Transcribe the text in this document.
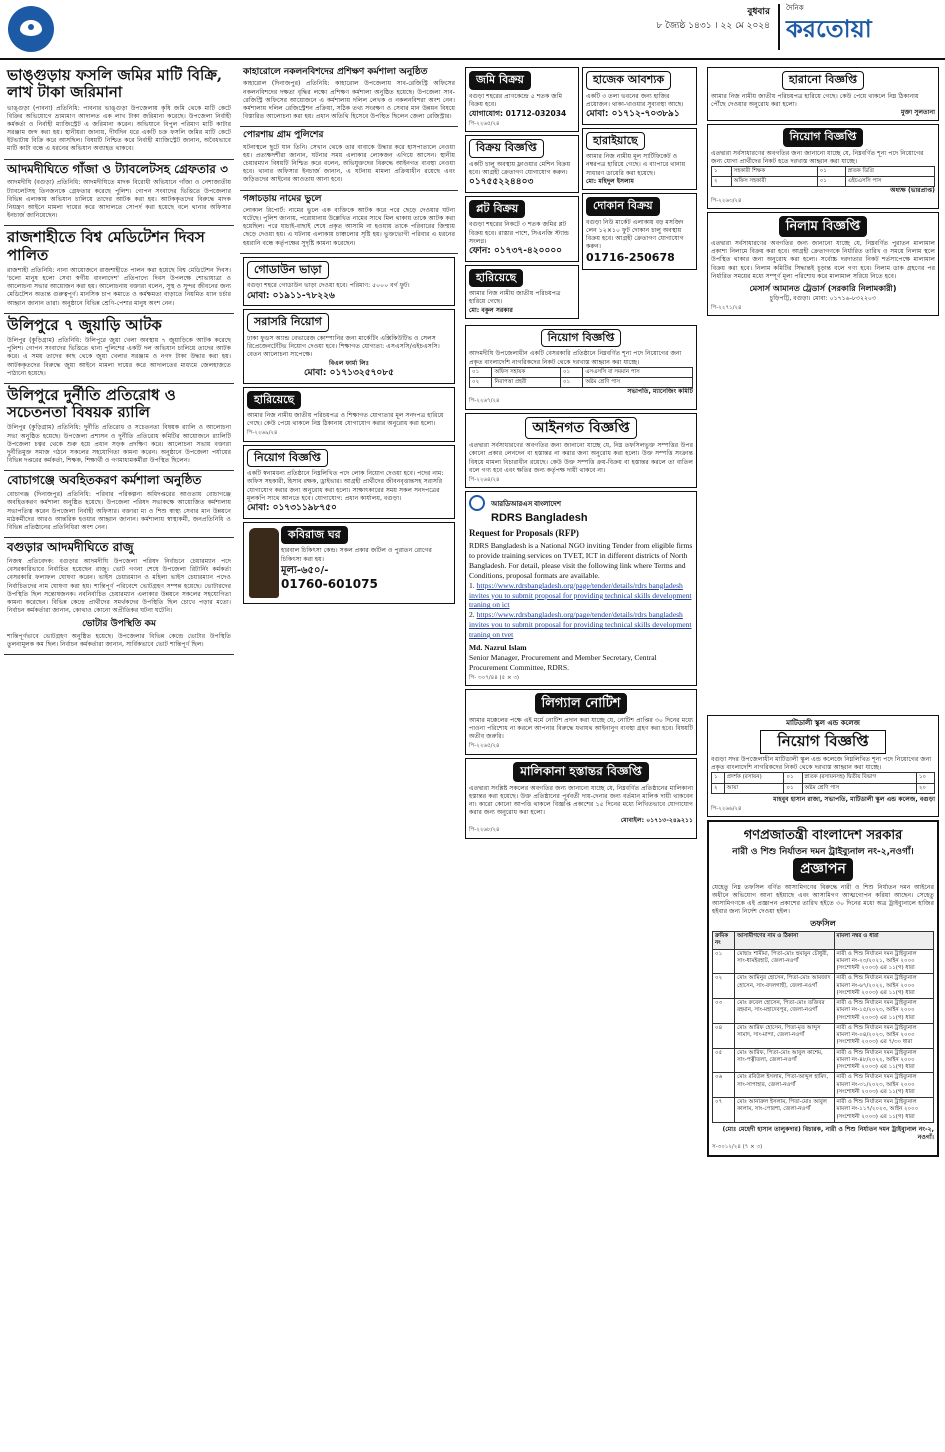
বুধবার
৮ জ্যৈষ্ঠ ১৪৩১ । ২২ মে ২০২৪
দৈনিক
করতোয়া
ভাঙ্গুড়ায় ফসলি জমির মাটি বিক্রি, লাখ টাকা জরিমানা
ভাঙ্গুড়া (পাবনা) প্রতিনিধি: পাবনার ভাঙ্গুড়া উপজেলায় কৃষি জমি থেকে মাটি কেটে বিক্রির অভিযোগে ভ্রাম্যমাণ আদালত এক লাখ টাকা জরিমানা করেছে। উপজেলা নির্বাহী কর্মকর্তা ও নির্বাহী ম্যাজিস্ট্রেট এ জরিমানা করেন। অভিযানে বিপুল পরিমাণ মাটি কাটার সরঞ্জাম জব্দ করা হয়। স্থানীয়রা জানায়, দীর্ঘদিন ধরে একটি চক্র ফসলি জমির মাটি কেটে ইটভাটায় বিক্রি করে আসছিল। বিষয়টি নিশ্চিত করে নির্বাহী ম্যাজিস্ট্রেট জানান, অবৈধভাবে মাটি কাটা বন্ধে এ ধরনের অভিযান অব্যাহত থাকবে।
আদমদীঘিতে গাঁজা ও ট্যাবলেটসহ গ্রেফতার ৩
আদমদীঘি (বগুড়া) প্রতিনিধি: আদমদীঘিতে মাদক বিরোধী অভিযানে গাঁজা ও নেশাজাতীয় ট্যাবলেটসহ তিনজনকে গ্রেফতার করেছে পুলিশ। গোপন সংবাদের ভিত্তিতে উপজেলার বিভিন্ন এলাকায় অভিযান চালিয়ে তাদের আটক করা হয়। আটককৃতদের বিরুদ্ধে মাদক নিয়ন্ত্রণ আইনে মামলা দায়ের করে আদালতে সোপর্দ করা হয়েছে বলে থানার অফিসার ইনচার্জ জানিয়েছেন।
রাজশাহীতে বিশ্ব মেডিটেশন দিবস পালিত
রাজশাহী প্রতিনিধি: নানা আয়োজনে রাজশাহীতে পালন করা হয়েছে বিশ্ব মেডিটেশন দিবস। 'চলো মানুষ হলো সেবা স্বর্গীয় বাংলাদেশ' প্রতিপাদ্যে দিবস উপলক্ষে শোভাযাত্রা ও আলোচনা সভার আয়োজন করা হয়। আলোচনায় বক্তারা বলেন, সুস্থ ও সুন্দর জীবনের জন্য মেডিটেশন অত্যন্ত গুরুত্বপূর্ণ। মানসিক চাপ কমাতে ও কর্মক্ষমতা বাড়াতে নিয়মিত ধ্যান চর্চার আহ্বান জানান তারা। অনুষ্ঠানে বিভিন্ন শ্রেণি-পেশার মানুষ অংশ নেন।
উলিপুরে ৭ জুয়াড়ি আটক
উলিপুর (কুড়িগ্রাম) প্রতিনিধি: উলিপুরে জুয়া খেলা অবস্থায় ৭ জুয়াড়িকে আটক করেছে পুলিশ। গোপন সংবাদের ভিত্তিতে থানা পুলিশের একটি দল অভিযান চালিয়ে তাদের আটক করে। এ সময় তাদের কাছ থেকে জুয়া খেলার সরঞ্জাম ও নগদ টাকা উদ্ধার করা হয়। আটককৃতদের বিরুদ্ধে জুয়া আইনে মামলা দায়ের করে আদালতের মাধ্যমে জেলহাজতে পাঠানো হয়েছে।
উলিপুরে দুর্নীতি প্রতিরোধ ও সচেতনতা বিষয়ক র‍্যালি
উলিপুর (কুড়িগ্রাম) প্রতিনিধি: দুর্নীতি প্রতিরোধ ও সচেতনতা বিষয়ক র‍্যালি ও আলোচনা সভা অনুষ্ঠিত হয়েছে। উপজেলা প্রশাসন ও দুর্নীতি প্রতিরোধ কমিটির আয়োজনে র‍্যালিটি উপজেলা চত্বর থেকে শুরু হয়ে প্রধান সড়ক প্রদক্ষিণ করে। আলোচনা সভায় বক্তারা দুর্নীতিমুক্ত সমাজ গঠনে সকলের সহযোগিতা কামনা করেন। অনুষ্ঠানে উপজেলা পর্যায়ের বিভিন্ন দপ্তরের কর্মকর্তা, শিক্ষক, শিক্ষার্থী ও গণমাধ্যমকর্মীরা উপস্থিত ছিলেন।
বোচাগঞ্জে অবহিতকরণ কর্মশালা অনুষ্ঠিত
বোচাগঞ্জ (দিনাজপুর) প্রতিনিধি: পরিবার পরিকল্পনা অধিদপ্তরের আওতায় বোচাগঞ্জে অবহিতকরণ কর্মশালা অনুষ্ঠিত হয়েছে। উপজেলা পরিষদ সভাকক্ষে আয়োজিত কর্মশালায় সভাপতিত্ব করেন উপজেলা নির্বাহী অফিসার। বক্তারা মা ও শিশু স্বাস্থ্য সেবার মান উন্নয়নে মাঠকর্মীদের আরও আন্তরিক হওয়ার আহ্বান জানান। কর্মশালায় স্বাস্থ্যকর্মী, জনপ্রতিনিধি ও বিভিন্ন প্রতিষ্ঠানের প্রতিনিধিরা অংশ নেন।
বগুড়ার আদমদীঘিতে রাজু
নিজস্ব প্রতিবেদক: বগুড়ার আদমদীঘি উপজেলা পরিষদ নির্বাচনে চেয়ারম্যান পদে বেসরকারিভাবে নির্বাচিত হয়েছেন রাজু। ভোট গণনা শেষে উপজেলা রিটার্নিং কর্মকর্তা বেসরকারি ফলাফল ঘোষণা করেন। ভাইস চেয়ারম্যান ও মহিলা ভাইস চেয়ারম্যান পদেও নির্বাচিতদের নাম ঘোষণা করা হয়। শান্তিপূর্ণ পরিবেশে ভোটগ্রহণ সম্পন্ন হয়েছে। ভোটারদের উপস্থিতি ছিল সন্তোষজনক। নবনির্বাচিত চেয়ারম্যান এলাকার উন্নয়নে সকলের সহযোগিতা কামনা করেছেন। বিভিন্ন কেন্দ্রে প্রার্থীদের সমর্থকদের উপস্থিতি ছিল চোখে পড়ার মতো। নির্বাচন কর্মকর্তারা জানান, কোথাও কোনো অপ্রীতিকর ঘটনা ঘটেনি।
ভোটার উপস্থিতি কম
শান্তিপূর্ণভাবে ভোটগ্রহণ অনুষ্ঠিত হয়েছে। উপজেলার বিভিন্ন কেন্দ্রে ভোটার উপস্থিতি তুলনামূলক কম ছিল। নির্বাচন কর্মকর্তারা জানান, সার্বিকভাবে ভোট শান্তিপূর্ণ ছিল।
কাহারোলে নকলনবিশদের প্রশিক্ষণ কর্মশালা অনুষ্ঠিত
কাহারোল (দিনাজপুর) প্রতিনিধি: কাহারোল উপজেলায় সাব-রেজিস্ট্রি অফিসের নকলনবিশদের দক্ষতা বৃদ্ধির লক্ষ্যে প্রশিক্ষণ কর্মশালা অনুষ্ঠিত হয়েছে। উপজেলা সাব-রেজিস্ট্রি অফিসের আয়োজনে এ কর্মশালায় দলিল লেখক ও নকলনবিশরা অংশ নেন। কর্মশালায় দলিল রেজিস্ট্রেশন প্রক্রিয়া, সঠিক তথ্য সংরক্ষণ ও সেবার মান উন্নয়ন বিষয়ে বিস্তারিত আলোচনা করা হয়। প্রধান অতিথি হিসেবে উপস্থিত ছিলেন জেলা রেজিস্ট্রার।
পোরশায় গ্রাম পুলিশের
ঘটনাস্থলে ছুটে যান তিনি। সেখান থেকে তার বাবাকে উদ্ধার করে হাসপাতালে নেওয়া হয়। প্রত্যক্ষদর্শীরা জানান, ঘটনার সময় এলাকার লোকজন এগিয়ে আসেন। স্থানীয় চেয়ারম্যান বিষয়টি নিশ্চিত করে বলেন, অভিযুক্তদের বিরুদ্ধে আইনগত ব্যবস্থা নেওয়া হবে। থানার অফিসার ইনচার্জ জানান, এ ঘটনায় মামলা প্রক্রিয়াধীন রয়েছে এবং জড়িতদের আইনের আওতায় আনা হবে।
গঙ্গাচড়ায় নামের ভুলে
লোকাল রিপোর্ট: নামের ভুলে এক ব্যক্তিকে আটক করে পরে ছেড়ে দেওয়ার ঘটনা ঘটেছে। পুলিশ জানায়, পরোয়ানায় উল্লেখিত নামের সাথে মিল থাকায় তাকে আটক করা হয়েছিল। পরে যাচাই-বাছাই শেষে প্রকৃত আসামি না হওয়ায় তাকে পরিবারের জিম্মায় ছেড়ে দেওয়া হয়। এ ঘটনায় এলাকায় চাঞ্চল্যের সৃষ্টি হয়। ভুক্তভোগী পরিবার এ ধরনের হয়রানি বন্ধে কর্তৃপক্ষের সুদৃষ্টি কামনা করেছেন।
গোডাউন ভাড়া
বগুড়া শহরে গোডাউন ভাড়া দেওয়া হবে। পরিমাণ: ৫০০০ বর্গ ফুট।
মোবা: ০১৯১১-৭৮২২৬
সরাসরি নিয়োগ
ঢাকা ফুডস অ্যান্ড বেভারেজ কোম্পানির জন্য মার্কেটিং এক্সিকিউটিভ ও সেলস রিপ্রেজেনটেটিভ নিয়োগ দেওয়া হবে। শিক্ষাগত যোগ্যতা: এসএসসি/এইচএসসি। বেতন আলোচনা সাপেক্ষে।
বিএল ফার্মা লিঃ
মোবা: ০১৭১৩২৫৭০৮৫
হারিয়েছে
আমার নিজ নামীয় জাতীয় পরিচয়পত্র ও শিক্ষাগত যোগ্যতার মূল সনদপত্র হারিয়ে গেছে। কেউ পেয়ে থাকলে নিম্ন ঠিকানায় যোগাযোগ করার অনুরোধ করা হলো।
পি-২২৬৯/২৪
নিয়োগ বিজ্ঞপ্তি
একটি স্বনামধন্য প্রতিষ্ঠানে নিম্নলিখিত পদে লোক নিয়োগ দেওয়া হবে। পদের নাম: অফিস সহকারী, হিসাব রক্ষক, ড্রাইভার। আগ্রহী প্রার্থীদের জীবনবৃত্তান্তসহ সরাসরি যোগাযোগ করার জন্য অনুরোধ করা হলো। সাক্ষাৎকারের সময় সকল সনদপত্রের মূলকপি সাথে আনতে হবে। যোগাযোগ: প্রধান কার্যালয়, বগুড়া।
মোবা: ০১৭৩১১৯৮৭৫০
কবিরাজ ঘর
হারবাল চিকিৎসা কেন্দ্র। সকল প্রকার জটিল ও পুরাতন রোগের চিকিৎসা করা হয়।
মূল্য-৬৫০/-
01760-601075
জমি বিক্রয়
বগুড়া শহরের প্রাণকেন্দ্রে ৫ শতক জমি বিক্রয় হবে।
যোগাযোগ: 01712-032034
পি-২২৬৫/২৪
বিক্রয় বিজ্ঞপ্তি
একটি চালু অবস্থায় ফ্লাওয়ার মেশিন বিক্রয় হবে। আগ্রহী ক্রেতাগণ যোগাযোগ করুন।
০১৭৫৫২২৪৪০৩
প্লট বিক্রয়
বগুড়া শহরের নিকটে ৩ শতক জমির প্লট বিক্রয় হবে। রাস্তার পাশে, সিএনজি স্ট্যান্ড সংলগ্ন।
ফোন: ০১৭৩৭-৪২০০০০
হারিয়েছে
আমার নিজ নামীয় জাতীয় পরিচয়পত্র হারিয়ে গেছে।
মো: বকুল সরকার
হাজেক আবশ্যক
একটি ৩ তলা ভবনের জন্য হাজির প্রয়োজন। থাকা-খাওয়ার সুব্যবস্থা আছে।
মোবা: ০১৭১২-৭০৩৮৯১
হারাইয়াছে
আমার নিজ নামীয় মূল সার্টিফিকেট ও নম্বরপত্র হারিয়ে গেছে। এ ব্যাপারে থানায় সাধারণ ডায়েরি করা হয়েছে।
মো: মহিদুল ইসলাম
দোকান বিক্রয়
বগুড়া নিউ মার্কেট এলাকায় বড় মসজিদ লেন ১২×১০ ফুট দোকান চালু অবস্থায় বিক্রয় হবে। আগ্রহী ক্রেতাগণ যোগাযোগ করুন।
01716-250678
নিয়োগ বিজ্ঞপ্তি
আদমদীঘি উপজেলাধীন একটি বেসরকারি প্রতিষ্ঠানে নিম্নবর্ণিত শূন্য পদে নিয়োগের জন্য প্রকৃত বাংলাদেশি নাগরিকদের নিকট থেকে দরখাস্ত আহ্বান করা যাচ্ছে।
০১	অফিস সহায়ক	০১	এসএসসি বা সমমান পাস
০২	নিরাপত্তা প্রহরী	০১	অষ্টম শ্রেণি পাস
সভাপতি, ম্যানেজিং কমিটি
পি-২২৬৭/২৪
আইনগত বিজ্ঞপ্তি
এতদ্বারা সর্বসাধারণের অবগতির জন্য জানানো যাচ্ছে যে, নিম্ন তফসিলভুক্ত সম্পত্তির উপর কোনো প্রকার লেনদেন বা হস্তান্তর না করার জন্য অনুরোধ করা হলো। উক্ত সম্পত্তি সংক্রান্ত বিষয়ে মামলা বিচারাধীন রয়েছে। কেউ উক্ত সম্পত্তি ক্রয়-বিক্রয় বা হস্তান্তর করলে তা বাতিল বলে গণ্য হবে এবং ক্ষতির জন্য কর্তৃপক্ষ দায়ী থাকবে না।
পি-২২৬৪/২৪
আরডিআরএস বাংলাদেশ
RDRS Bangladesh
Request for Proposals (RFP)
RDRS Bangladesh is a National NGO inviting Tender from eligible firms to provide training services on TVET, ICT in different districts of North Bangladesh. For detail, please visit the following link where Terms and Conditions, proposal formats are available.
1. https://www.rdrsbangladesh.org/page/tender/details/rdrs bangladesh invites you to submit proposal for providing technical skills development traning on ict
2. https://www.rdrsbangladesh.org/page/tender/details/rdrs bangladesh invites you to submit proposal for providing technical skills development traning on tvet
Md. Nazrul Islam
Senior Manager, Procurement and Member Secretary, Central Procurement Committee, RDRS.
পি- ৩০৭/৪৪ (৫ × ৩)
লিগ্যাল নোটিশ
আমার মক্কেলের পক্ষে এই মর্মে নোটিশ প্রদান করা যাচ্ছে যে, নোটিশ প্রাপ্তির ৩০ দিনের মধ্যে পাওনা পরিশোধ না করলে আপনার বিরুদ্ধে যথাযথ আইনানুগ ব্যবস্থা গ্রহণ করা হবে। বিষয়টি অতীব জরুরি।
পি-২২৬৫/২৪
মালিকানা হস্তান্তর বিজ্ঞপ্তি
এতদ্বারা সংশ্লিষ্ট সকলের অবগতির জন্য জানানো যাচ্ছে যে, নিম্নবর্ণিত প্রতিষ্ঠানের মালিকানা হস্তান্তর করা হয়েছে। উক্ত প্রতিষ্ঠানের পূর্ববর্তী দায়-দেনার জন্য বর্তমান মালিক দায়ী থাকবেন না। কারো কোনো আপত্তি থাকলে বিজ্ঞপ্তি প্রকাশের ১৫ দিনের মধ্যে লিখিতভাবে যোগাযোগ করার জন্য অনুরোধ করা হলো।
মোবাইল: ০১৭১৩-২৪৯২১১
পি-২২৬৮/২৪
হারানো বিজ্ঞপ্তি
আমার নিজ নামীয় জাতীয় পরিচয়পত্র হারিয়ে গেছে। কেউ পেয়ে থাকলে নিম্ন ঠিকানায় পৌঁছে দেওয়ার অনুরোধ করা হলো।
মুক্তা সুলতানা
নিয়োগ বিজ্ঞপ্তি
এতদ্বারা সর্বসাধারণের অবগতির জন্য জানানো যাচ্ছে যে, নিম্নবর্ণিত শূন্য পদে নিয়োগের জন্য যোগ্য প্রার্থীদের নিকট হতে দরখাস্ত আহ্বান করা যাচ্ছে।
১	সহকারী শিক্ষক	০১	স্নাতক ডিগ্রি
২	অফিস সহকারী	০১	এইচএসসি পাস
অধ্যক্ষ (ভারপ্রাপ্ত)
পি-২২৬৩/২৪
নিলাম বিজ্ঞপ্তি
এতদ্বারা সর্বসাধারণের অবগতির জন্য জানানো যাচ্ছে যে, নিম্নবর্ণিত পুরাতন মালামাল প্রকাশ্য নিলামে বিক্রয় করা হবে। আগ্রহী ক্রেতাগণকে নির্ধারিত তারিখ ও সময়ে নিলাম স্থলে উপস্থিত থাকার জন্য অনুরোধ করা হলো। সর্বোচ্চ দরদাতার নিকট শর্তসাপেক্ষে মালামাল বিক্রয় করা হবে। নিলাম কমিটির সিদ্ধান্তই চূড়ান্ত বলে গণ্য হবে। নিলাম ডাক গ্রহণের পর নির্ধারিত সময়ের মধ্যে সম্পূর্ণ মূল্য পরিশোধ করে মালামাল সরিয়ে নিতে হবে।
মেসার্স আমানত ট্রেডার্স (সরকারি নিলামকারী)
চুড়িপট্টি, বগুড়া। মোবা: ০১৭১৬-৮৩২২০৩
পি-২২৭১/২৪
মাটিডালী স্কুল এন্ড কলেজ
নিয়োগ বিজ্ঞপ্তি
বগুড়া সদর উপজেলাধীন মাটিডালী স্কুল এন্ড কলেজে নিম্নলিখিত শূন্য পদে নিয়োগের জন্য প্রকৃত বাংলাদেশি নাগরিকদের নিকট থেকে দরখাস্ত আহ্বান করা যাচ্ছে।
১	প্রদর্শক (রসায়ন)	০১	স্নাতক (রসায়নসহ) দ্বিতীয় বিভাগ	১০
২	আয়া	০১	অষ্টম শ্রেণি পাস	২০
মাহবুব হাসান রাজা, সভাপতি, মাটিডালী স্কুল এন্ড কলেজ, বগুড়া
পি-২২৬৬/২৪
গণপ্রজাতন্ত্রী বাংলাদেশ সরকার
নারী ও শিশু নির্যাতন দমন ট্রাইব্যুনাল নং-২,নওগাঁ।
প্রজ্ঞাপন
যেহেতু নিম্ন তফসিল বর্ণিত আসামিগণের বিরুদ্ধে নারী ও শিশু নির্যাতন দমন আইনের অধীনে অভিযোগ আনা হইয়াছে এবং আসামিগণ আত্মগোপন করিয়া আছেন। সেহেতু আসামিগণকে এই প্রজ্ঞাপন প্রকাশের তারিখ হইতে ৩০ দিনের মধ্যে অত্র ট্রাইব্যুনালে হাজির হইবার জন্য নির্দেশ দেওয়া হইল।
তফসিল
ক্রমিক নং	আসামীগণের নাম ও ঠিকানা	মামলা নম্বর ও ধারা
০১	মোছাঃ শামীমা, পিতা-মোঃ হুমায়ুন চৌধুরী, সাং-ধামইরহাট, জেলা-নওগাঁ	নারী ও শিশু নির্যাতন দমন ট্রাইব্যুনাল মামলা নং-২৩/২০২১, আইন ২০০০ (সংশোধনী ২০০৩) এর ১১(গ) ধারা
০২	মোঃ আমিনুর হোসেন, পিতা-মোঃ আমজাদ হোসেন, সাং-বদলগাছী, জেলা-নওগাঁ	নারী ও শিশু নির্যাতন দমন ট্রাইব্যুনাল মামলা নং-৬৭/২০২২, আইন ২০০০ (সংশোধনী ২০০৩) এর ১১(গ) ধারা
০৩	মোঃ রুবেল হোসেন, পিতা-মোঃ তজিবর রহমান, সাং-মহাদেবপুর, জেলা-নওগাঁ	নারী ও শিশু নির্যাতন দমন ট্রাইব্যুনাল মামলা নং-১৫/২০২৩, আইন ২০০০ (সংশোধনী ২০০৩) এর ১১(গ) ধারা
০৪	মোঃ আরিফ হোসেন, পিতা-মৃত আব্দুস সামাদ, সাং-মান্দা, জেলা-নওগাঁ	নারী ও শিশু নির্যাতন দমন ট্রাইব্যুনাল মামলা নং-০৪/২০২৩, আইন ২০০০ (সংশোধনী ২০০৩) এর ৭/৩০ ধারা
০৫	মোঃ আরিফ, পিতা-মোঃ আবুল কাশেম, সাং-পত্নীতলা, জেলা-নওগাঁ	নারী ও শিশু নির্যাতন দমন ট্রাইব্যুনাল মামলা নং-৪৮/২০২২, আইন ২০০০ (সংশোধনী ২০০৩) এর ১১(গ) ধারা
০৬	মোঃ রবিউল ইসলাম, পিতা-আব্দুল হামিদ, সাং-সাপাহার, জেলা-নওগাঁ	নারী ও শিশু নির্যাতন দমন ট্রাইব্যুনাল মামলা নং-৩১/২০২৩, আইন ২০০০ (সংশোধনী ২০০৩) এর ১১(গ) ধারা
০৭	মোঃ আনারুল ইসলাম, পিতা-মোঃ আবুল কালাম, সাং-পোরশা, জেলা-নওগাঁ	নারী ও শিশু নির্যাতন দমন ট্রাইব্যুনাল মামলা নং-১১৭/২০২৩, আইন ২০০০ (সংশোধনী ২০০৩) এর ১১(গ) ধারা
(মোঃ মেহেদী হাসান তালুকদার) বিচারক, নারী ও শিশু নির্যাতন দমন ট্রাইব্যুনাল নং-২, নওগাঁ।
স-৩০১২/২৪ (৭ × ৩)
